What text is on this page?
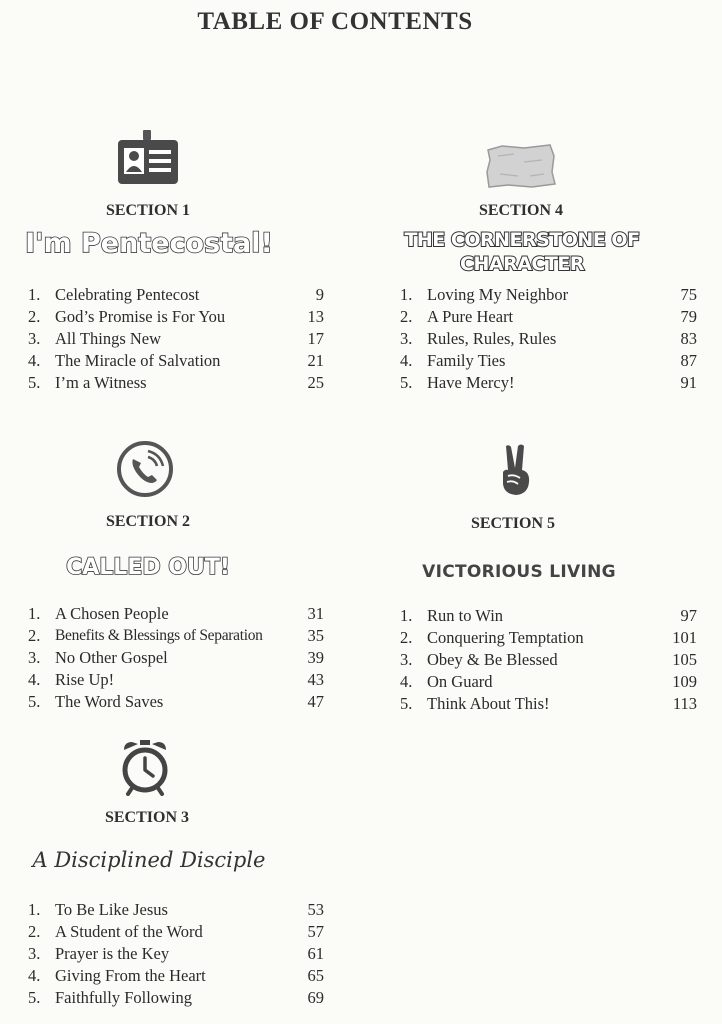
TABLE OF CONTENTS
SECTION 1
I'm Pentecostal!
1. Celebrating Pentecost	9
2. God’s Promise is For You	13
3. All Things New	17
4. The Miracle of Salvation	21
5. I’m a Witness	25
SECTION 2
CALLED OUT!
1. A Chosen People	31
2. Benefits & Blessings of Separation	35
3. No Other Gospel	39
4. Rise Up!	43
5. The Word Saves	47
SECTION 3
A Disciplined Disciple
1. To Be Like Jesus	53
2. A Student of the Word	57
3. Prayer is the Key	61
4. Giving From the Heart	65
5. Faithfully Following	69
SECTION 4
THE CORNERSTONE OF
CHARACTER
1. Loving My Neighbor	75
2. A Pure Heart	79
3. Rules, Rules, Rules	83
4. Family Ties	87
5. Have Mercy!	91
SECTION 5
VICTORIOUS LIVING
1. Run to Win	97
2. Conquering Temptation	101
3. Obey & Be Blessed	105
4. On Guard	109
5. Think About This!	113
